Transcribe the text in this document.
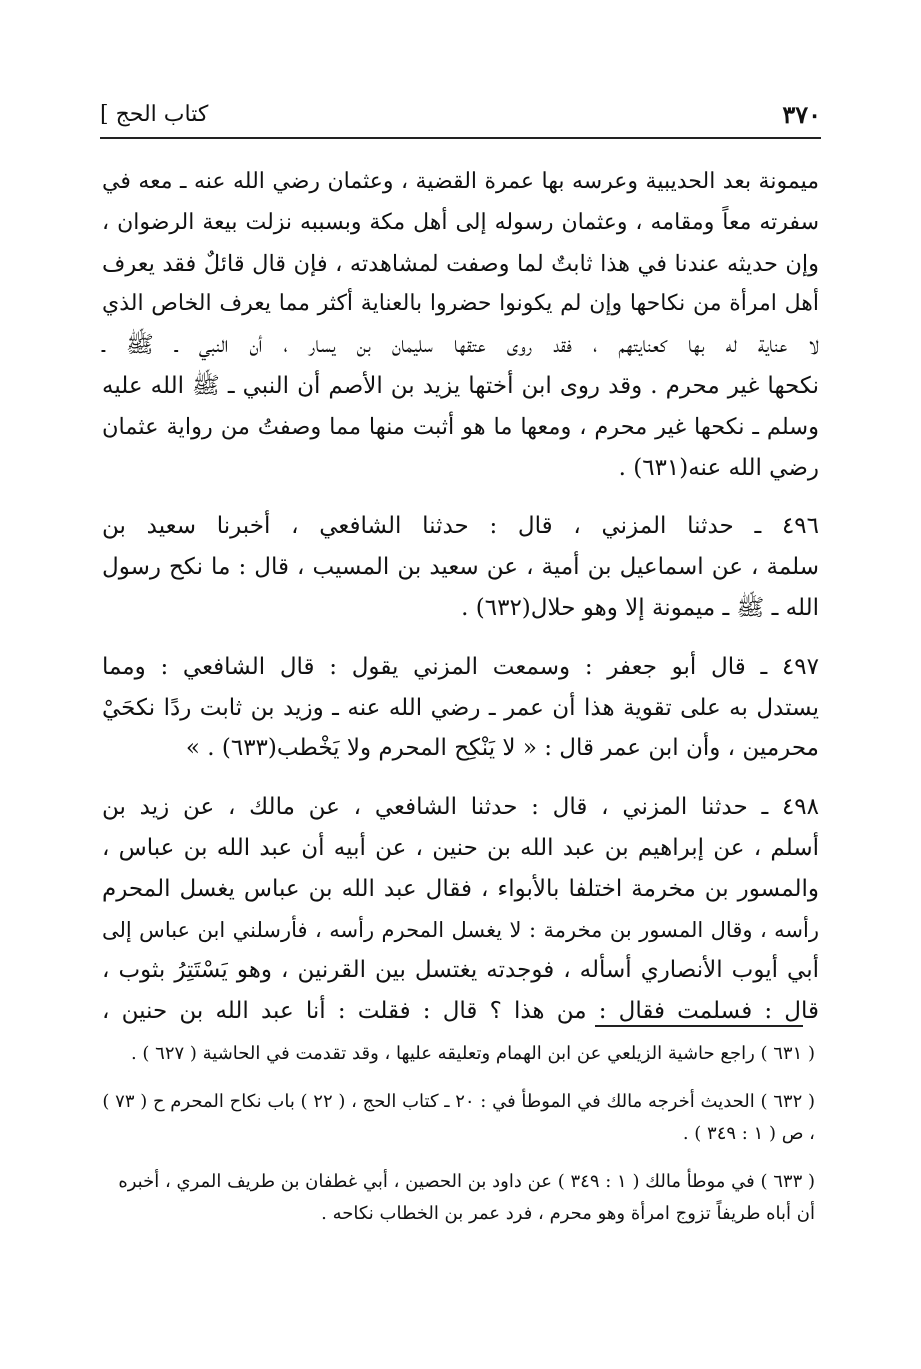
٣٧٠
كتاب الحج ]

ميمونة بعد الحديبية وعرسه بها عمرة القضية ، وعثمان رضي الله عنه ـ معه في
سفرته معاً ومقامه ، وعثمان رسوله إلى أهل مكة وبسببه نزلت بيعة الرضوان ،
وإن حديثه عندنا في هذا ثابتٌ لما وصفت لمشاهدته ، فإن قال قائلٌ فقد يعرف
أهل امرأة من نكاحها وإن لم يكونوا حضروا بالعناية أكثر مما يعرف الخاص الذي
لا عناية له بها كعنايتهم ، فقد روى عتقها سليمان بن يسار ، أن النبي ـ ﷺ ـ
نكحها غير محرم . وقد روى ابن أختها يزيد بن الأصم أن النبي ـ ﷺ الله عليه
وسلم ـ نكحها غير محرم ، ومعها ما هو أثبت منها مما وصفتُ من رواية عثمان
رضي الله عنه(٦٣١) .

٤٩٦ ـ حدثنا المزني ، قال : حدثنا الشافعي ، أخبرنا سعيد بن
سلمة ، عن اسماعيل بن أمية ، عن سعيد بن المسيب ، قال : ما نكح رسول
الله ـ ﷺ ـ ميمونة إلا وهو حلال(٦٣٢) .

٤٩٧ ـ قال أبو جعفر : وسمعت المزني يقول : قال الشافعي : ومما
يستدل به على تقوية هذا أن عمر ـ رضي الله عنه ـ وزيد بن ثابت ردًا نكحَيْ
محرمين ، وأن ابن عمر قال : « لا يَنْكِح المحرم ولا يَخْطب(٦٣٣) . »

٤٩٨ ـ حدثنا المزني ، قال : حدثنا الشافعي ، عن مالك ، عن زيد بن
أسلم ، عن إبراهيم بن عبد الله بن حنين ، عن أبيه أن عبد الله بن عباس ،
والمسور بن مخرمة اختلفا بالأبواء ، فقال عبد الله بن عباس يغسل المحرم
رأسه ، وقال المسور بن مخرمة : لا يغسل المحرم رأسه ، فأرسلني ابن عباس إلى
أبي أيوب الأنصاري أسأله ، فوجدته يغتسل بين القرنين ، وهو يَسْتَتِرُ بثوب ،
قال : فسلمت فقال : من هذا ؟ قال : فقلت : أنا عبد الله بن حنين ،

( ٦٣١ ) راجع حاشية الزيلعي عن ابن الهمام وتعليقه عليها ، وقد تقدمت في الحاشية ( ٦٢٧ ) .

( ٦٣٢ ) الحديث أخرجه مالك في الموطأ في : ٢٠ ـ كتاب الحج ، ( ٢٢ ) باب نكاح المحرم ح ( ٧٣ ) ، ص ( ١ : ٣٤٩ ) .

( ٦٣٣ ) في موطأ مالك ( ١ : ٣٤٩ ) عن داود بن الحصين ، أبي غطفان بن طريف المري ، أخبره أن أباه طريفاً تزوج امرأة وهو محرم ، فرد عمر بن الخطاب نكاحه .
